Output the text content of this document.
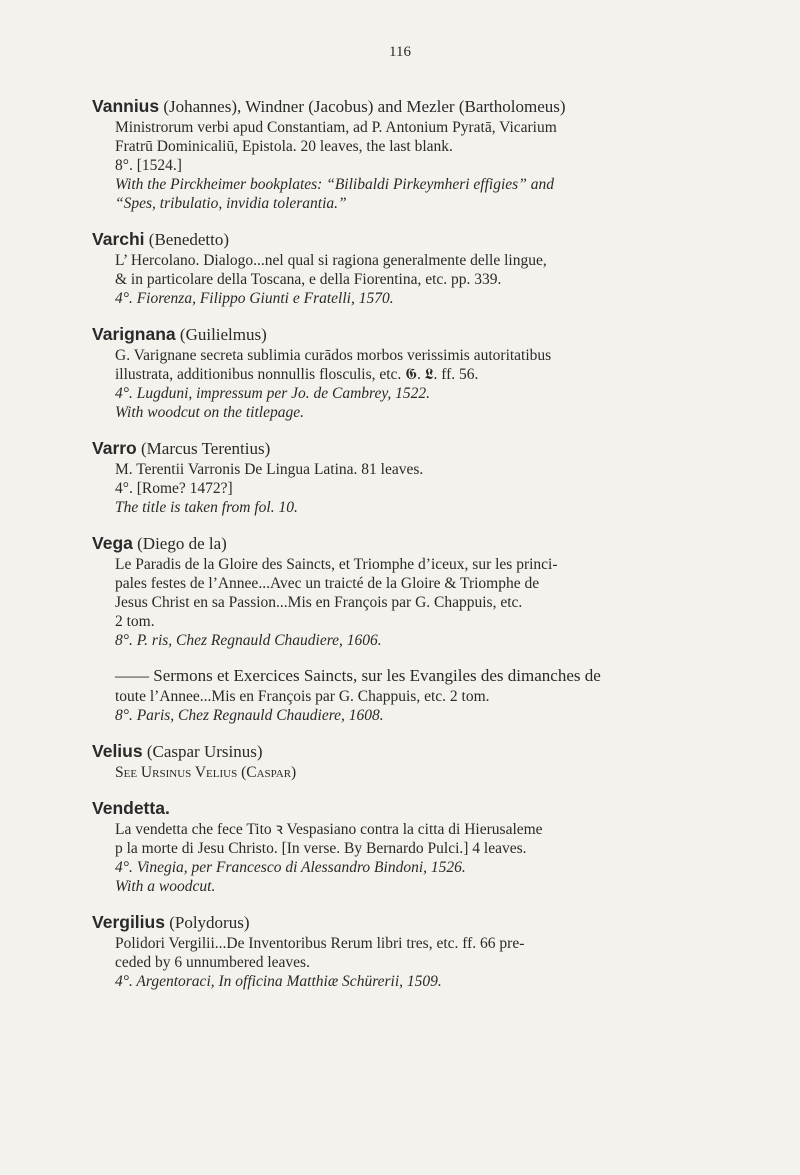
116
Vannius (Johannes), Windner (Jacobus) and Mezler (Bartholomeus)
Ministrorum verbi apud Constantiam, ad P. Antonium Pyratā, Vicarium
Fratrū Dominicaliū, Epistola. 20 leaves, the last blank.
8°. [1524.]
With the Pirckheimer bookplates: “Bilibaldi Pirkeymheri effigies” and
“Spes, tribulatio, invidia tolerantia.”
Varchi (Benedetto)
L’ Hercolano. Dialogo...nel qual si ragiona generalmente delle lingue,
& in particolare della Toscana, e della Fiorentina, etc. pp. 339.
4°. Fiorenza, Filippo Giunti e Fratelli, 1570.
Varignana (Guilielmus)
G. Varignane secreta sublimia curādos morbos verissimis autoritatibus
illustrata, additionibus nonnullis flosculis, etc. 𝕲. 𝕷. ff. 56.
4°. Lugduni, impressum per Jo. de Cambrey, 1522.
With woodcut on the titlepage.
Varro (Marcus Terentius)
M. Terentii Varronis De Lingua Latina. 81 leaves.
4°. [Rome? 1472?]
The title is taken from fol. 10.
Vega (Diego de la)
Le Paradis de la Gloire des Saincts, et Triomphe d’iceux, sur les princi-
pales festes de l’Annee...Avec un traicté de la Gloire & Triomphe de
Jesus Christ en sa Passion...Mis en François par G. Chappuis, etc.
2 tom.
8°. P. ris, Chez Regnauld Chaudiere, 1606.
—— Sermons et Exercices Saincts, sur les Evangiles des dimanches de
toute l’Annee...Mis en François par G. Chappuis, etc. 2 tom.
8°. Paris, Chez Regnauld Chaudiere, 1608.
Velius (Caspar Ursinus)
See Ursinus Velius (Caspar)
Vendetta.
La vendetta che fece Tito ꝛ Vespasiano contra la citta di Hierusaleme
p la morte di Jesu Christo. [In verse. By Bernardo Pulci.] 4 leaves.
4°. Vinegia, per Francesco di Alessandro Bindoni, 1526.
With a woodcut.
Vergilius (Polydorus)
Polidori Vergilii...De Inventoribus Rerum libri tres, etc. ff. 66 pre-
ceded by 6 unnumbered leaves.
4°. Argentoraci, In officina Matthiæ Schürerii, 1509.
